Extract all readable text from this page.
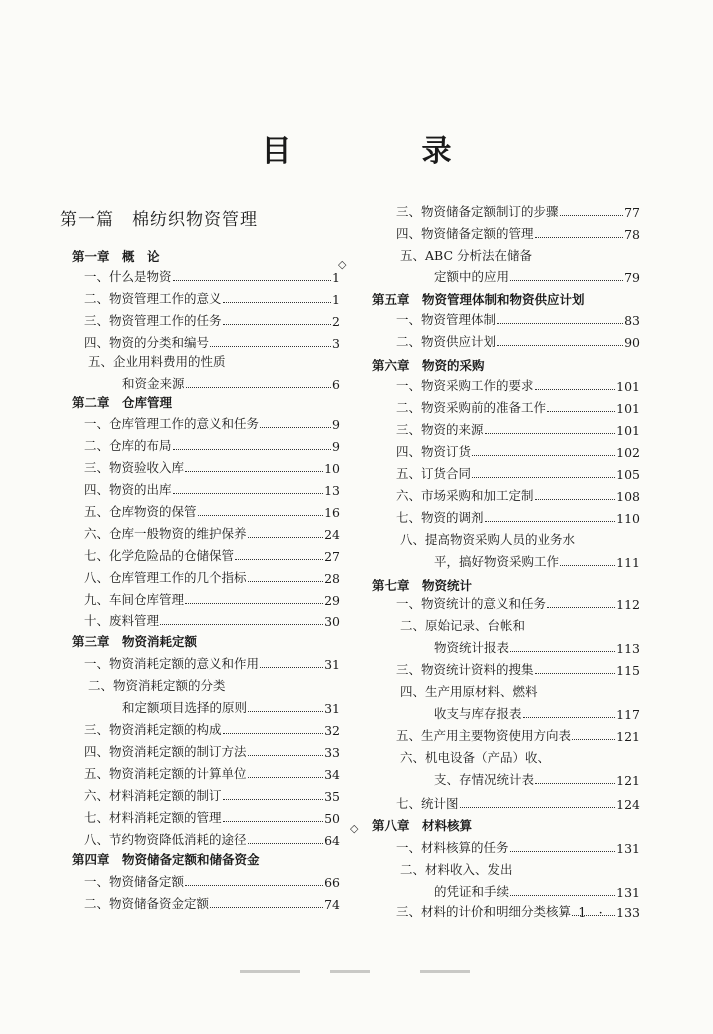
目　录
第一篇　棉纺织物资管理
第一章　概　论
一、什么是物资	1
二、物资管理工作的意义	1
三、物资管理工作的任务	2
四、物资的分类和编号	3
五、企业用料费用的性质
和资金来源	6
第二章　仓库管理
一、仓库管理工作的意义和任务	9
二、仓库的布局	9
三、物资验收入库	10
四、物资的出库	13
五、仓库物资的保管	16
六、仓库一般物资的维护保养	24
七、化学危险品的仓储保管	27
八、仓库管理工作的几个指标	28
九、车间仓库管理	29
十、废料管理	30
第三章　物资消耗定额
一、物资消耗定额的意义和作用	31
二、物资消耗定额的分类
和定额项目选择的原则	31
三、物资消耗定额的构成	32
四、物资消耗定额的制订方法	33
五、物资消耗定额的计算单位	34
六、材料消耗定额的制订	35
七、材料消耗定额的管理	50
八、节约物资降低消耗的途径	64
第四章　物资储备定额和储备资金
一、物资储备定额	66
二、物资储备资金定额	74
三、物资储备定额制订的步骤	77
四、物资储备定额的管理	78
五、ABC 分析法在储备
定额中的应用	79
第五章　物资管理体制和物资供应计划
一、物资管理体制	83
二、物资供应计划	90
第六章　物资的采购
一、物资采购工作的要求	101
二、物资采购前的准备工作	101
三、物资的来源	101
四、物资订货	102
五、订货合同	105
六、市场采购和加工定制	108
七、物资的调剂	110
八、提高物资采购人员的业务水
平，搞好物资采购工作	111
第七章　物资统计
一、物资统计的意义和任务	112
二、原始记录、台帐和
物资统计报表	113
三、物资统计资料的搜集	115
四、生产用原材料、燃料
收支与库存报表	117
五、生产用主要物资使用方向表	121
六、机电设备（产品）收、
支、存情况统计表	121
七、统计图	124
第八章　材料核算
一、材料核算的任务	131
二、材料收入、发出
的凭证和手续	131
三、材料的计价和明细分类核算	133
◇
◇
· 1 ·
